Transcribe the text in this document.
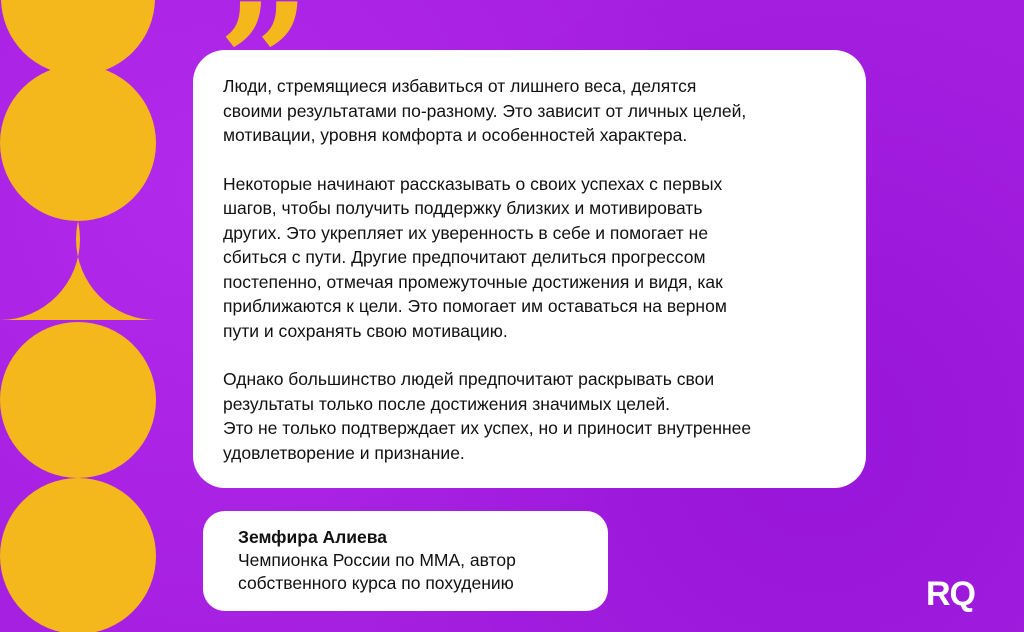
Люди, стремящиеся избавиться от лишнего веса, делятся
своими результатами по-разному. Это зависит от личных целей,
мотивации, уровня комфорта и особенностей характера.

Некоторые начинают рассказывать о своих успехах с первых
шагов, чтобы получить поддержку близких и мотивировать
других. Это укрепляет их уверенность в себе и помогает не
сбиться с пути. Другие предпочитают делиться прогрессом
постепенно, отмечая промежуточные достижения и видя, как
приближаются к цели. Это помогает им оставаться на верном
пути и сохранять свою мотивацию.

Однако большинство людей предпочитают раскрывать свои
результаты только после достижения значимых целей.
Это не только подтверждает их успех, но и приносит внутреннее
удовлетворение и признание.

Земфира Алиева
Чемпионка России по ММА, автор
собственного курса по похудению	RQ
